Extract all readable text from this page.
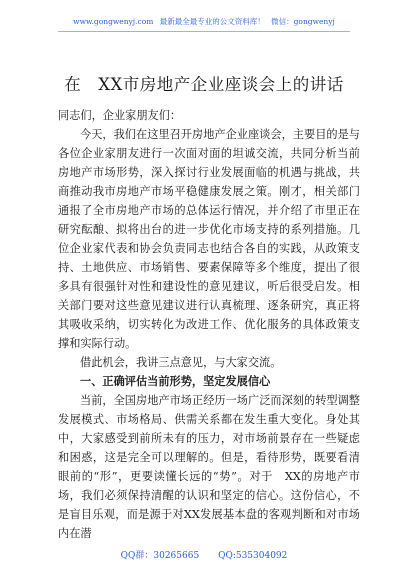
www.gongwenyj.com 最新最全最专业的公文资料库！ 微信：gongwenyj
在　XX市房地产企业座谈会上的讲话

同志们，企业家朋友们：

今天，我们在这里召开房地产企业座谈会，主要目的是与各位企业家朋友进行一次面对面的坦诚交流，共同分析当前房地产市场形势，深入探讨行业发展面临的机遇与挑战，共商推动我市房地产市场平稳健康发展之策。刚才，相关部门通报了全市房地产市场的总体运行情况，并介绍了市里正在研究酝酿、拟将出台的进一步优化市场支持的系列措施。几位企业家代表和协会负责同志也结合各自的实践，从政策支持、土地供应、市场销售、要素保障等多个维度，提出了很多具有很强针对性和建设性的意见建议，听后很受启发。相关部门要对这些意见建议进行认真梳理、逐条研究，真正将其吸收采纳，切实转化为改进工作、优化服务的具体政策支撑和实际行动。

借此机会，我讲三点意见，与大家交流。

一、正确评估当前形势，坚定发展信心

当前，全国房地产市场正经历一场广泛而深刻的转型调整发展模式、市场格局、供需关系都在发生重大变化。身处其中，大家感受到前所未有的压力，对市场前景存在一些疑虑和困惑，这是完全可以理解的。但是，看待形势，既要看清眼前的“形”，更要读懂长远的“势”。对于　XX的房地产市场，我们必须保持清醒的认识和坚定的信心。这份信心，不是盲目乐观，而是源于对XX发展基本盘的客观判断和对市场内在潜

QQ群：30265665 QQ:535304092
